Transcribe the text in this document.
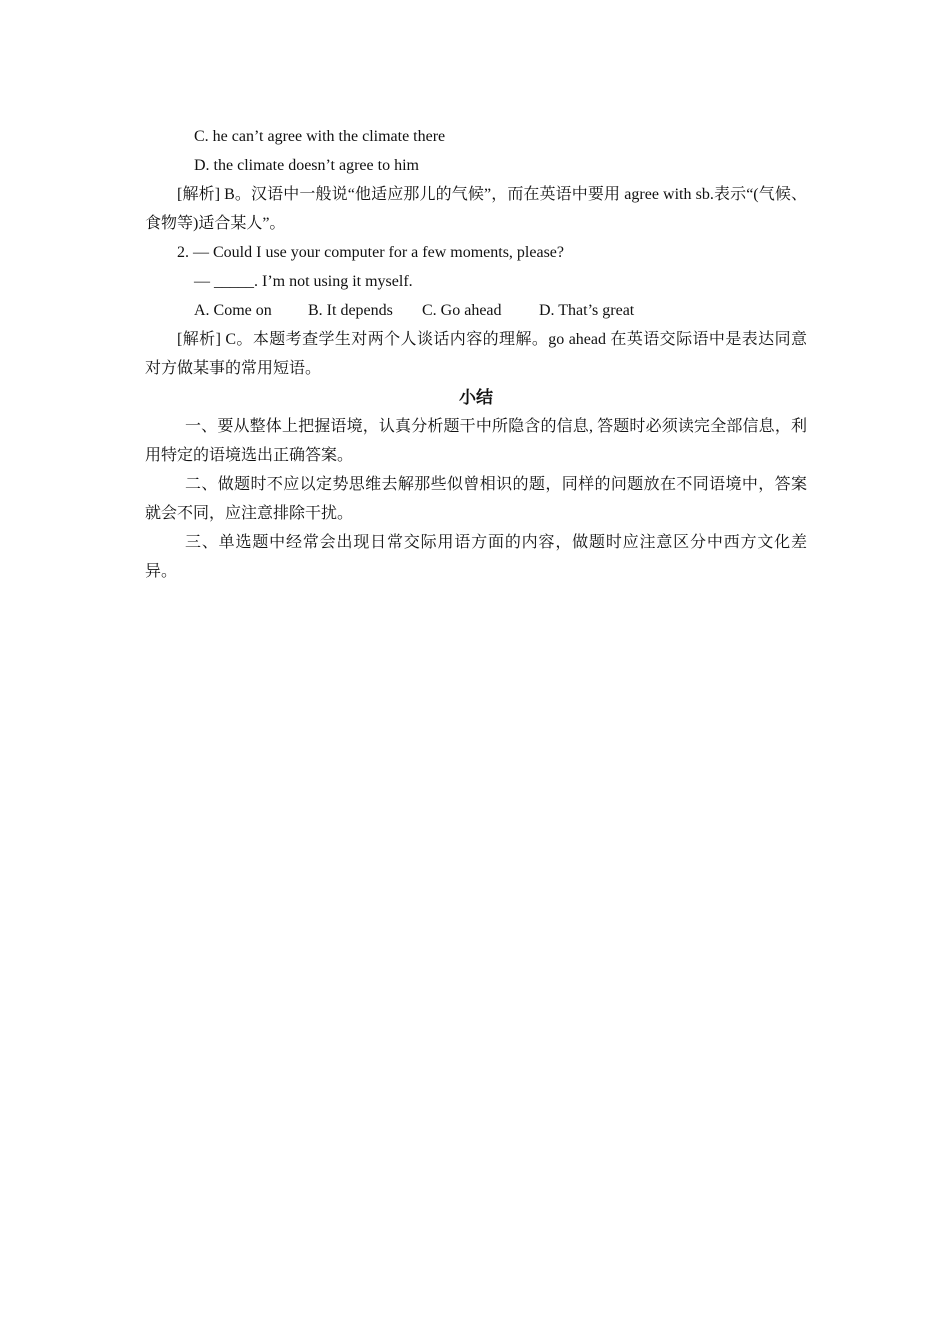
C. he can’t agree with the climate there
D. the climate doesn’t agree to him
[解析] B。汉语中一般说“他适应那儿的气候”，而在英语中要用 agree with sb.表示“(气候、食物等)适合某人”。
2. — Could I use your computer for a few moments, please?
— _____. I’m not using it myself.
A. Come on B. It depends C. Go ahead D. That’s great
[解析] C。本题考查学生对两个人谈话内容的理解。go ahead 在英语交际语中是表达同意对方做某事的常用短语。
小结
一、要从整体上把握语境，认真分析题干中所隐含的信息, 答题时必须读完全部信息，利用特定的语境选出正确答案。
二、做题时不应以定势思维去解那些似曾相识的题，同样的问题放在不同语境中，答案就会不同，应注意排除干扰。
三、单选题中经常会出现日常交际用语方面的内容，做题时应注意区分中西方文化差异。
